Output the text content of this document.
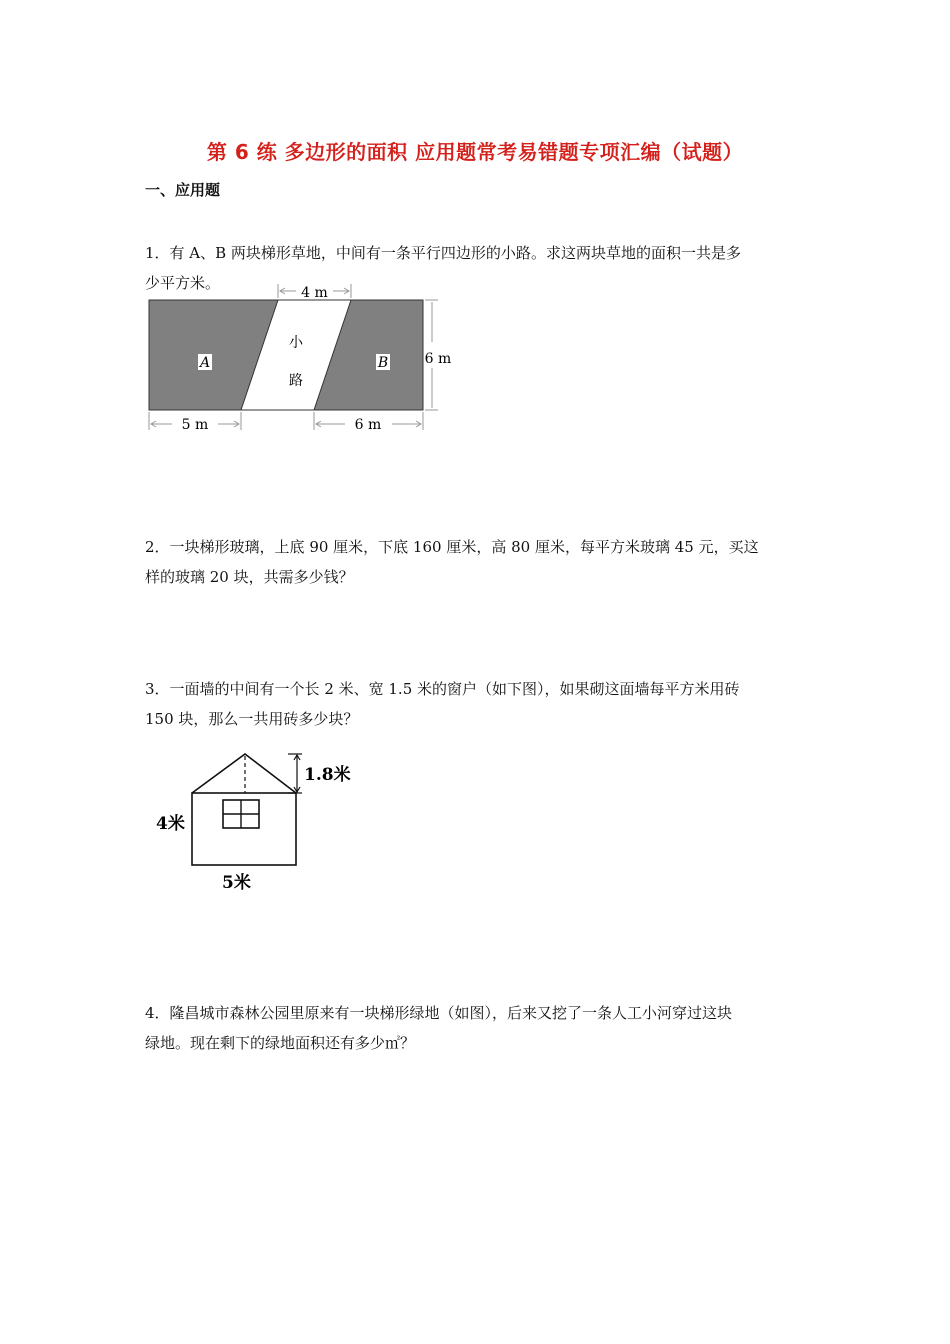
第 6 练 多边形的面积 应用题常考易错题专项汇编（试题）
一、应用题

1．有 A、B 两块梯形草地，中间有一条平行四边形的小路。求这两块草地的面积一共是多

少平方米。

A	B
小
路
4 m
6 m
5 m	6 m

2．一块梯形玻璃，上底 90 厘米，下底 160 厘米，高 80 厘米，每平方米玻璃 45 元，买这

样的玻璃 20 块，共需多少钱？

3．一面墙的中间有一个长 2 米、宽 1.5 米的窗户（如下图），如果砌这面墙每平方米用砖

150 块，那么一共用砖多少块？

1.8米
4米
5米

4．隆昌城市森林公园里原来有一块梯形绿地（如图），后来又挖了一条人工小河穿过这块

绿地。现在剩下的绿地面积还有多少㎡？
